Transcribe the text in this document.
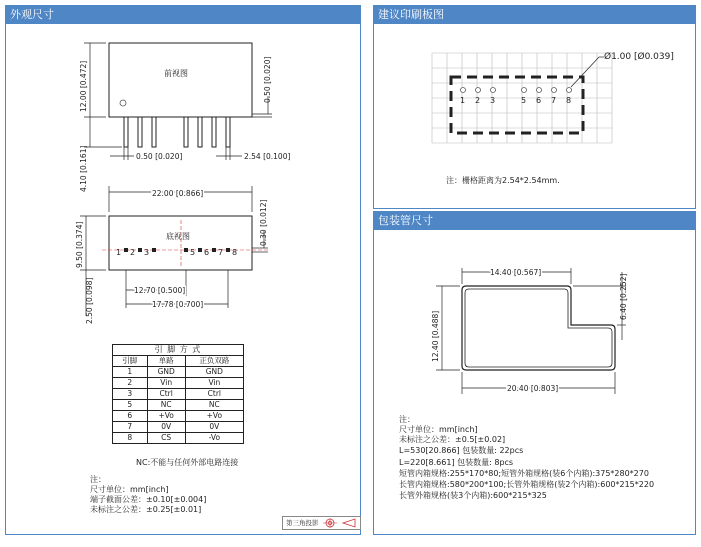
外观尺寸
前视图
12.00 [0.472]
4.10 [0.161]
0.50 [0.020]
0.50 [0.020]	2.54 [0.100]
22.00 [0.866]
底视图
1 2 3	5 6 7 8
9.50 [0.374]
2.50 [0.098]
0.30 [0.012]
12.70 [0.500]
17.78 [0.700]
引 脚 方 式		
引脚	单路	正负双路
1	GND	GND
2	Vin	Vin
3	Ctrl	Ctrl
5	NC	NC
6	+Vo	+Vo
7	0V	0V
8	CS	-Vo
NC:不能与任何外部电路连接
注：
尺寸单位：mm[inch]
端子截面公差：±0.10[±0.004]
未标注之公差：±0.25[±0.01]
第三角投影
建议印刷板图
1 2 3	5 6 7 8
Ø1.00 [Ø0.039]
注：栅格距离为2.54*2.54mm.
包装管尺寸
14.40 [0.567]
6.40 [0.252]
12.40 [0.488]
20.40 [0.803]
注：
尺寸单位：mm[inch]
未标注之公差：±0.5[±0.02]
L=530[20.866] 包装数量: 22pcs
L=220[8.661] 包装数量: 8pcs
短管内箱规格:255*170*80;短管外箱规格(装6个内箱):375*280*270
长管内箱规格:580*200*100;长管外箱规格(装2个内箱):600*215*220
长管外箱规格(装3个内箱):600*215*325
